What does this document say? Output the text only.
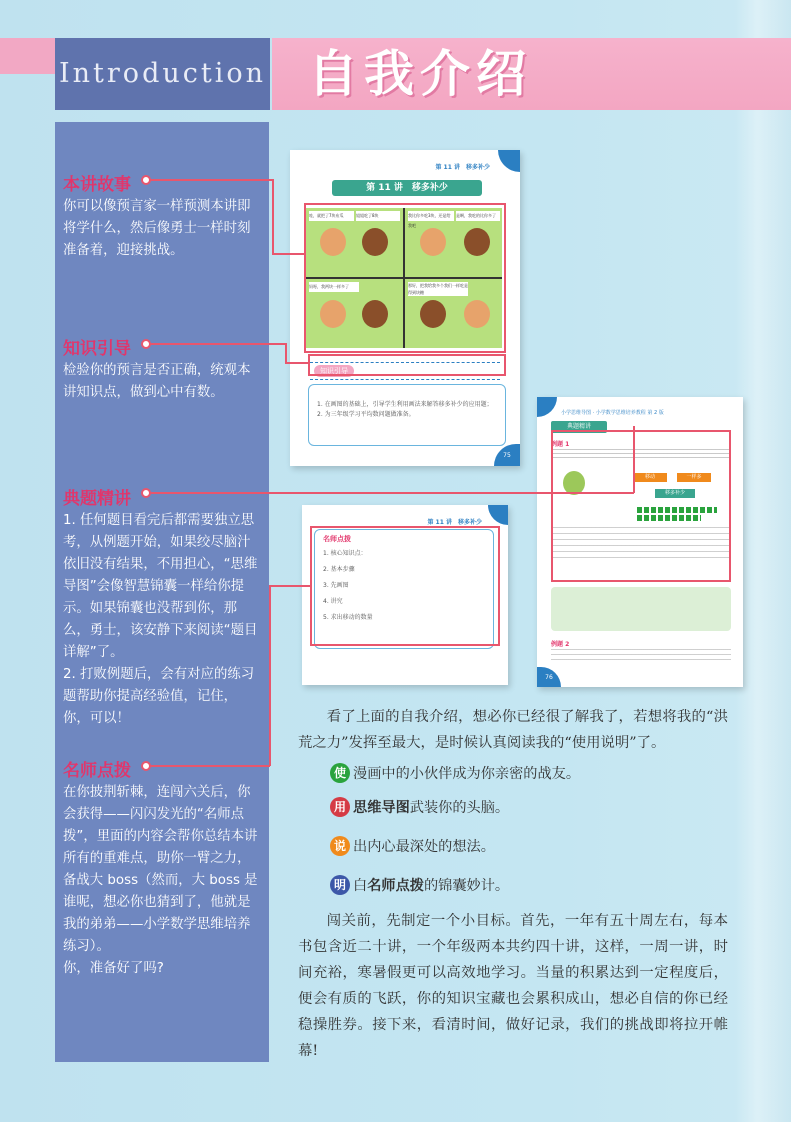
Introduction 自我介绍
本讲故事

你可以像预言家一样预测本讲即将学什么，然后像勇士一样时刻准备着，迎接挑战。

知识引导

检验你的预言是否正确，统观本讲知识点，做到心中有数。

典题精讲

1. 任何题目看完后都需要独立思考，从例题开始，如果绞尽脑汁依旧没有结果，不用担心，“思维导图”会像智慧锦囊一样给你提示。如果锦囊也没帮到你，那么，勇士，该安静下来阅读“题目详解”了。

2. 打败例题后，会有对应的练习题帮助你提高经验值，记住，你，可以！

名师点拨

在你披荆斩棘，连闯六关后，你会获得——闪闪发光的“名师点拨”，里面的内容会帮你总结本讲所有的重难点，助你一臂之力，备战大 boss（然而，大 boss 是谁呢，想必你也猜到了，他就是我的弟弟——小学数学思维培养练习）。

你，准备好了吗?

第 11 讲　移多补少
第 11 讲　移多补少
哇，就把了7块布瓜	姐姐吃了8块	我比你多吃3块，还是给我吧
是啊，我吃的比你多了
妈呀，我两块一样多了	那好，把我给我多个我们一样吃是得到块糖
知识引导
1. 在画图的基础上，引导学生利用画法来解答移多补少的应用题；
2. 为三年级学习平均数问题做准备。
75
第 11 讲　移多补少
名师点拨
1. 核心知识点：
2. 基本步骤
3. 先画图
4. 讲究
5. 求出移动的数量
小学思维导图 · 小学数学思维培养教程 第 2 版
典题精讲
例题 1
移动	一样多
移多补少
例题 2
76
看了上面的自我介绍，想必你已经很了解我了，若想将我的“洪荒之力”发挥至最大，是时候认真阅读我的“使用说明”了。
使 漫画中的小伙伴成为你亲密的战友。
用 思维导图 武装你的头脑。
说 出内心最深处的想法。
明 白 名师点拨 的锦囊妙计。
闯关前，先制定一个小目标。首先，一年有五十周左右，每本书包含近二十讲，一个年级两本共约四十讲，这样，一周一讲，时间充裕，寒暑假更可以高效地学习。当量的积累达到一定程度后，便会有质的飞跃，你的知识宝藏也会累积成山，想必自信的你已经稳操胜券。接下来，看清时间，做好记录，我们的挑战即将拉开帷幕!
